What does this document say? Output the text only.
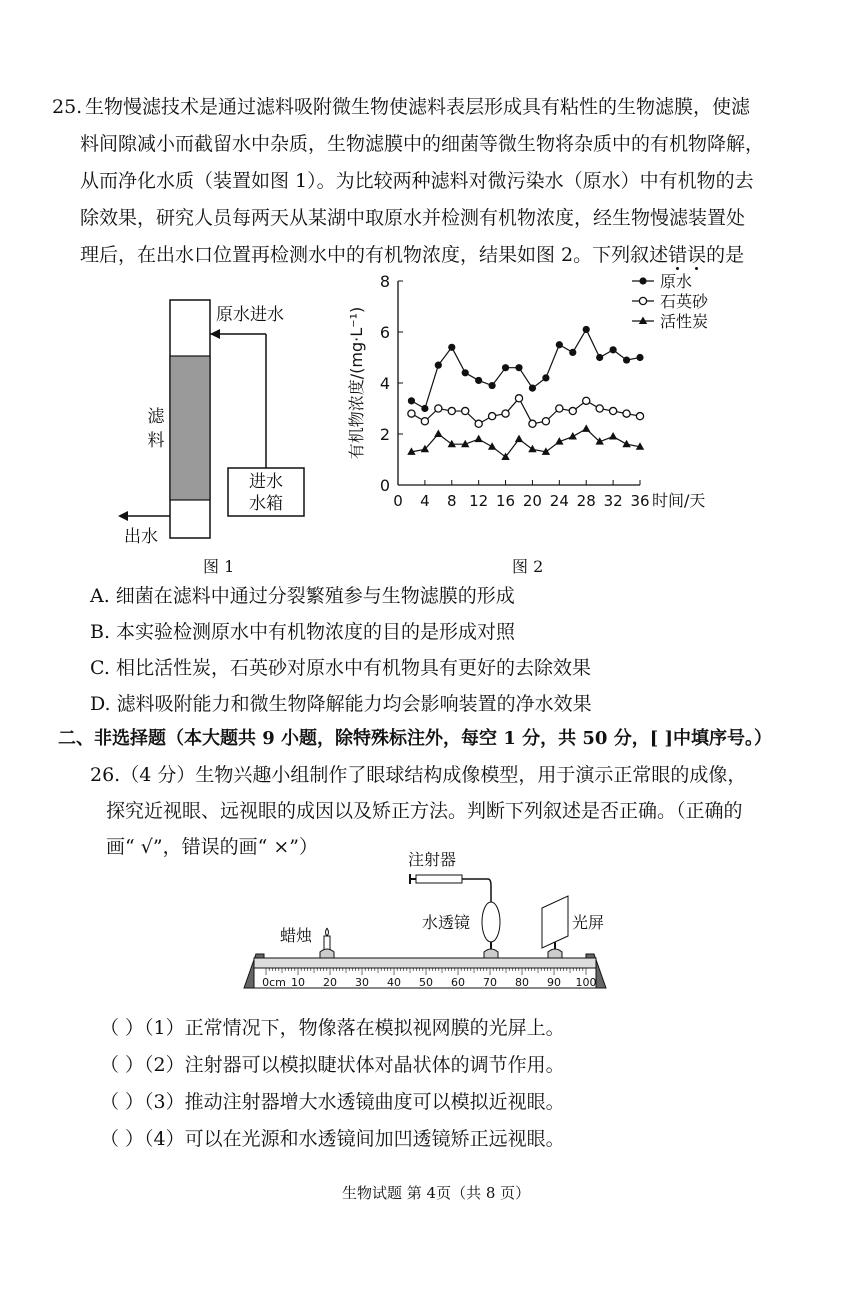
25. 生物慢滤技术是通过滤料吸附微生物使滤料表层形成具有粘性的生物滤膜，使滤
料间隙减小而截留水中杂质，生物滤膜中的细菌等微生物将杂质中的有机物降解，
从而净化水质（装置如图 1）。为比较两种滤料对微污染水（原水）中有机物的去
除效果，研究人员每两天从某湖中取原水并检测有机物浓度，经生物慢滤装置处
理后，在出水口位置再检测水中的有机物浓度，结果如图 2。下列叙述错误的是
原水进水
滤
料
进水
水箱
出水
图 1
0
2
4
6
8
0 4 8 12 16 20 24 28 32 36 时间/天
有机物浓度/(mg·L⁻¹)
原水
石英砂
活性炭
图 2
A. 细菌在滤料中通过分裂繁殖参与生物滤膜的形成
B. 本实验检测原水中有机物浓度的目的是形成对照
C. 相比活性炭，石英砂对原水中有机物具有更好的去除效果
D. 滤料吸附能力和微生物降解能力均会影响装置的净水效果
二、非选择题（本大题共 9 小题，除特殊标注外，每空 1 分，共 50 分，[ ]中填序号。）
26.（4 分）生物兴趣小组制作了眼球结构成像模型，用于演示正常眼的成像，
探究近视眼、远视眼的成因以及矫正方法。判断下列叙述是否正确。（正确的
画“ √”，错误的画“ ×”）
0cm 10 20 30 40 50 60 70 80 90 100
注射器
水透镜
蜡烛
光屏
（ ）（1）正常情况下，物像落在模拟视网膜的光屏上。
（ ）（2）注射器可以模拟睫状体对晶状体的调节作用。
（ ）（3）推动注射器增大水透镜曲度可以模拟近视眼。
（ ）（4）可以在光源和水透镜间加凹透镜矫正远视眼。
生物试题 第 4页（共 8 页）
